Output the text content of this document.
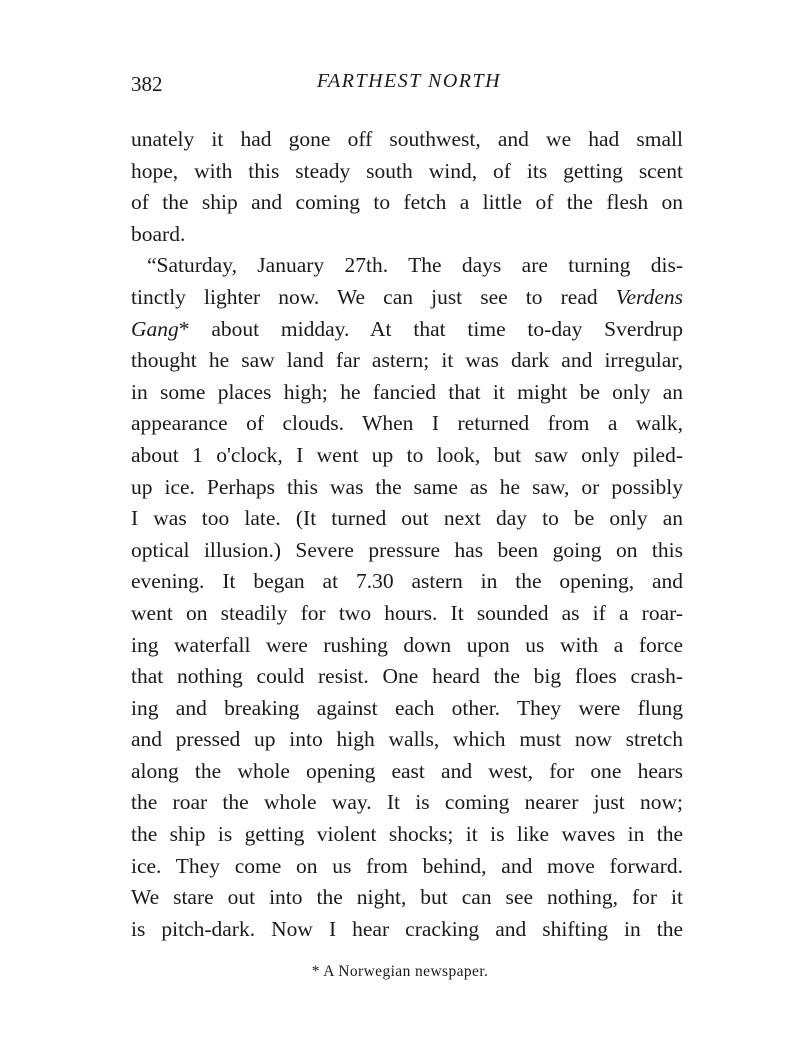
382	FARTHEST NORTH
unately it had gone off southwest, and we had small
hope, with this steady south wind, of its getting scent
of the ship and coming to fetch a little of the flesh on
board.
“Saturday, January 27th. The days are turning dis-
tinctly lighter now. We can just see to read Verdens
Gang* about midday. At that time to-day Sverdrup
thought he saw land far astern; it was dark and irregular,
in some places high; he fancied that it might be only an
appearance of clouds. When I returned from a walk,
about 1 o'clock, I went up to look, but saw only piled-
up ice. Perhaps this was the same as he saw, or possibly
I was too late. (It turned out next day to be only an
optical illusion.) Severe pressure has been going on this
evening. It began at 7.30 astern in the opening, and
went on steadily for two hours. It sounded as if a roar-
ing waterfall were rushing down upon us with a force
that nothing could resist. One heard the big floes crash-
ing and breaking against each other. They were flung
and pressed up into high walls, which must now stretch
along the whole opening east and west, for one hears
the roar the whole way. It is coming nearer just now;
the ship is getting violent shocks; it is like waves in the
ice. They come on us from behind, and move forward.
We stare out into the night, but can see nothing, for it
is pitch-dark. Now I hear cracking and shifting in the
* A Norwegian newspaper.
